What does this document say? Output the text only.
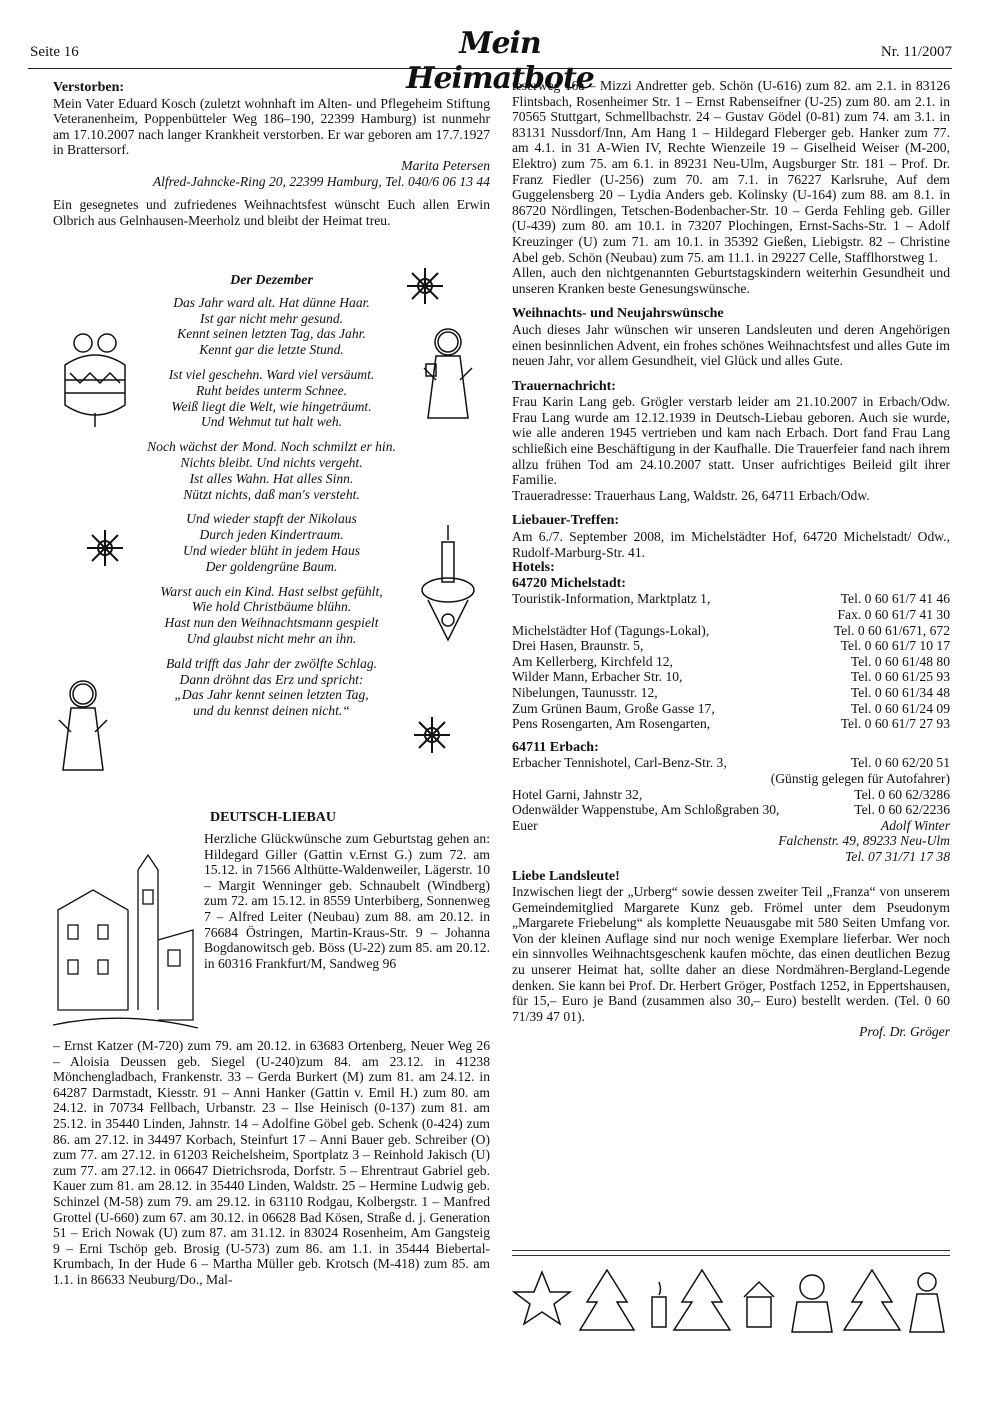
Seite 16	Mein Heimatbote
Nr. 11/2007
Verstorben:

Mein Vater Eduard Kosch (zuletzt wohnhaft im Alten- und Pflegeheim Stiftung Veteranenheim, Poppenbütteler Weg 186–190, 22399 Hamburg) ist nunmehr am 17.10.2007 nach langer Krankheit verstorben. Er war geboren am 17.7.1927 in Brattersorf.

Marita Petersen

Alfred-Jahncke-Ring 20, 22399 Hamburg, Tel. 040/6 06 13 44

Ein gesegnetes und zufriedenes Weihnachtsfest wünscht Euch allen Erwin Olbrich aus Gelnhausen-Meerholz und bleibt der Heimat treu.

Der Dezember
Das Jahr ward alt. Hat dünne Haar.
Ist gar nicht mehr gesund.
Kennt seinen letzten Tag, das Jahr.
Kennt gar die letzte Stund.
Ist viel geschehn. Ward viel versäumt.
Ruht beides unterm Schnee.
Weiß liegt die Welt, wie hingeträumt.
Und Wehmut tut halt weh.
Noch wächst der Mond. Noch schmilzt er hin.
Nichts bleibt. Und nichts vergeht.
Ist alles Wahn. Hat alles Sinn.
Nützt nichts, daß man's versteht.
Und wieder stapft der Nikolaus
Durch jeden Kindertraum.
Und wieder blüht in jedem Haus
Der goldengrüne Baum.
Warst auch ein Kind. Hast selbst gefühlt,
Wie hold Christbäume blühn.
Hast nun den Weihnachtsmann gespielt
Und glaubst nicht mehr an ihn.
Bald trifft das Jahr der zwölfte Schlag.
Dann dröhnt das Erz und spricht:
„Das Jahr kennt seinen letzten Tag,
und du kennst deinen nicht.“
DEUTSCH-LIEBAU
Herzliche Glückwünsche zum Geburtstag gehen an: Hildegard Giller (Gattin v.Ernst G.) zum 72. am 15.12. in 71566 Althütte-Waldenweiler, Lägerstr. 10 – Margit Wenninger geb. Schnaubelt (Windberg) zum 72. am 15.12. in 8559 Unterbiberg, Sonnenweg 7 – Alfred Leiter (Neubau) zum 88. am 20.12. in 76684 Östringen, Martin-Kraus-Str. 9 – Johanna Bogdanowitsch geb. Böss (U-22) zum 85. am 20.12. in 60316 Frankfurt/M, Sandweg 96
– Ernst Katzer (M-720) zum 79. am 20.12. in 63683 Ortenberg, Neuer Weg 26 – Aloisia Deussen geb. Siegel (U-240)zum 84. am 23.12. in 41238 Mönchengladbach, Frankenstr. 33 – Gerda Burkert (M) zum 81. am 24.12. in 64287 Darmstadt, Kiesstr. 91 – Anni Hanker (Gattin v. Emil H.) zum 80. am 24.12. in 70734 Fellbach, Urbanstr. 23 – Ilse Heinisch (0-137) zum 81. am 25.12. in 35440 Linden, Jahnstr. 14 – Adolfine Göbel geb. Schenk (0-424) zum 86. am 27.12. in 34497 Korbach, Steinfurt 17 – Anni Bauer geb. Schreiber (O) zum 77. am 27.12. in 61203 Reichelsheim, Sportplatz 3 – Reinhold Jakisch (U) zum 77. am 27.12. in 06647 Dietrichsroda, Dorfstr. 5 – Ehrentraut Gabriel geb. Kauer zum 81. am 28.12. in 35440 Linden, Waldstr. 25 – Hermine Ludwig geb. Schinzel (M-58) zum 79. am 29.12. in 63110 Rodgau, Kolbergstr. 1 – Manfred Grottel (U-660) zum 67. am 30.12. in 06628 Bad Kösen, Straße d. j. Generation 51 – Erich Nowak (U) zum 87. am 31.12. in 83024 Rosenheim, Am Gangsteig 9 – Erni Tschöp geb. Brosig (U-573) zum 86. am 1.1. in 35444 Biebertal-Krumbach, In der Hude 6 – Martha Müller geb. Krotsch (M-418) zum 85. am 1.1. in 86633 Neuburg/Do., Mal-

teserweg 16a – Mizzi Andretter geb. Schön (U-616) zum 82. am 2.1. in 83126 Flintsbach, Rosenheimer Str. 1 – Ernst Rabenseifner (U-25) zum 80. am 2.1. in 70565 Stuttgart, Schmellbachstr. 24 – Gustav Gödel (0-81) zum 74. am 3.1. in 83131 Nussdorf/Inn, Am Hang 1 – Hildegard Fleberger geb. Hanker zum 77. am 4.1. in 31 A-Wien IV, Rechte Wienzeile 19 – Giselheid Weiser (M-200, Elektro) zum 75. am 6.1. in 89231 Neu-Ulm, Augsburger Str. 181 – Prof. Dr. Franz Fiedler (U-256) zum 70. am 7.1. in 76227 Karlsruhe, Auf dem Guggelensberg 20 – Lydia Anders geb. Kolinsky (U-164) zum 88. am 8.1. in 86720 Nördlingen, Tetschen-Bodenbacher-Str. 10 – Gerda Fehling geb. Giller (U-439) zum 80. am 10.1. in 73207 Plochingen, Ernst-Sachs-Str. 1 – Adolf Kreuzinger (U) zum 71. am 10.1. in 35392 Gießen, Liebigstr. 82 – Christine Abel geb. Schön (Neubau) zum 75. am 11.1. in 29227 Celle, Stafflhorstweg 1.

Allen, auch den nichtgenannten Geburtstagskindern weiterhin Gesundheit und unseren Kranken beste Genesungswünsche.

Weihnachts- und Neujahrswünsche

Auch dieses Jahr wünschen wir unseren Landsleuten und deren Angehörigen einen besinnlichen Advent, ein frohes schönes Weihnachtsfest und alles Gute im neuen Jahr, vor allem Gesundheit, viel Glück und alles Gute.

Trauernachricht:

Frau Karin Lang geb. Grögler verstarb leider am 21.10.2007 in Erbach/Odw. Frau Lang wurde am 12.12.1939 in Deutsch-Liebau geboren. Auch sie wurde, wie alle anderen 1945 vertrieben und kam nach Erbach. Dort fand Frau Lang schließich eine Beschäftigung in der Kaufhalle. Die Trauerfeier fand nach ihrem allzu frühen Tod am 24.10.2007 statt. Unser aufrichtiges Beileid gilt ihrer Familie.

Traueradresse: Trauerhaus Lang, Waldstr. 26, 64711 Erbach/Odw.

Liebauer-Treffen:

Am 6./7. September 2008, im Michelstädter Hof, 64720 Michelstadt/ Odw., Rudolf-Marburg-Str. 41.

Hotels:
64720 Michelstadt:
Touristik-Information, Marktplatz 1,	Tel. 0 60 61/7 41 46
Fax. 0 60 61/7 41 30
Michelstädter Hof (Tagungs-Lokal),	Tel. 0 60 61/671, 672
Drei Hasen, Braunstr. 5,	Tel. 0 60 61/7 10 17
Am Kellerberg, Kirchfeld 12,	Tel. 0 60 61/48 80
Wilder Mann, Erbacher Str. 10,	Tel. 0 60 61/25 93
Nibelungen, Taunusstr. 12,	Tel. 0 60 61/34 48
Zum Grünen Baum, Große Gasse 17,	Tel. 0 60 61/24 09
Pens Rosengarten, Am Rosengarten,	Tel. 0 60 61/7 27 93
64711 Erbach:
Erbacher Tennishotel, Carl-Benz-Str. 3,	Tel. 0 60 62/20 51
(Günstig gelegen für Autofahrer)
Hotel Garni, Jahnstr 32,	Tel. 0 60 62/3286
Odenwälder Wappenstube, Am Schloßgraben 30,	Tel. 0 60 62/2236
Euer	Adolf Winter

Falchenstr. 49, 89233 Neu-Ulm

Tel. 07 31/71 17 38

Liebe Landsleute!

Inzwischen liegt der „Urberg“ sowie dessen zweiter Teil „Franza“ von unserem Gemeindemitglied Margarete Kunz geb. Frömel unter dem Pseudonym „Margarete Friebelung“ als komplette Neuausgabe mit 580 Seiten Umfang vor. Von der kleinen Auflage sind nur noch wenige Exemplare lieferbar. Wer noch ein sinnvolles Weihnachtsgeschenk kaufen möchte, das einen deutlichen Bezug zu unserer Heimat hat, sollte daher an diese Nordmähren-Bergland-Legende denken. Sie kann bei Prof. Dr. Herbert Gröger, Postfach 1252, in Eppertshausen, für 15,– Euro je Band (zusammen also 30,– Euro) bestellt werden. (Tel. 0 60 71/39 47 01).

Prof. Dr. Gröger
